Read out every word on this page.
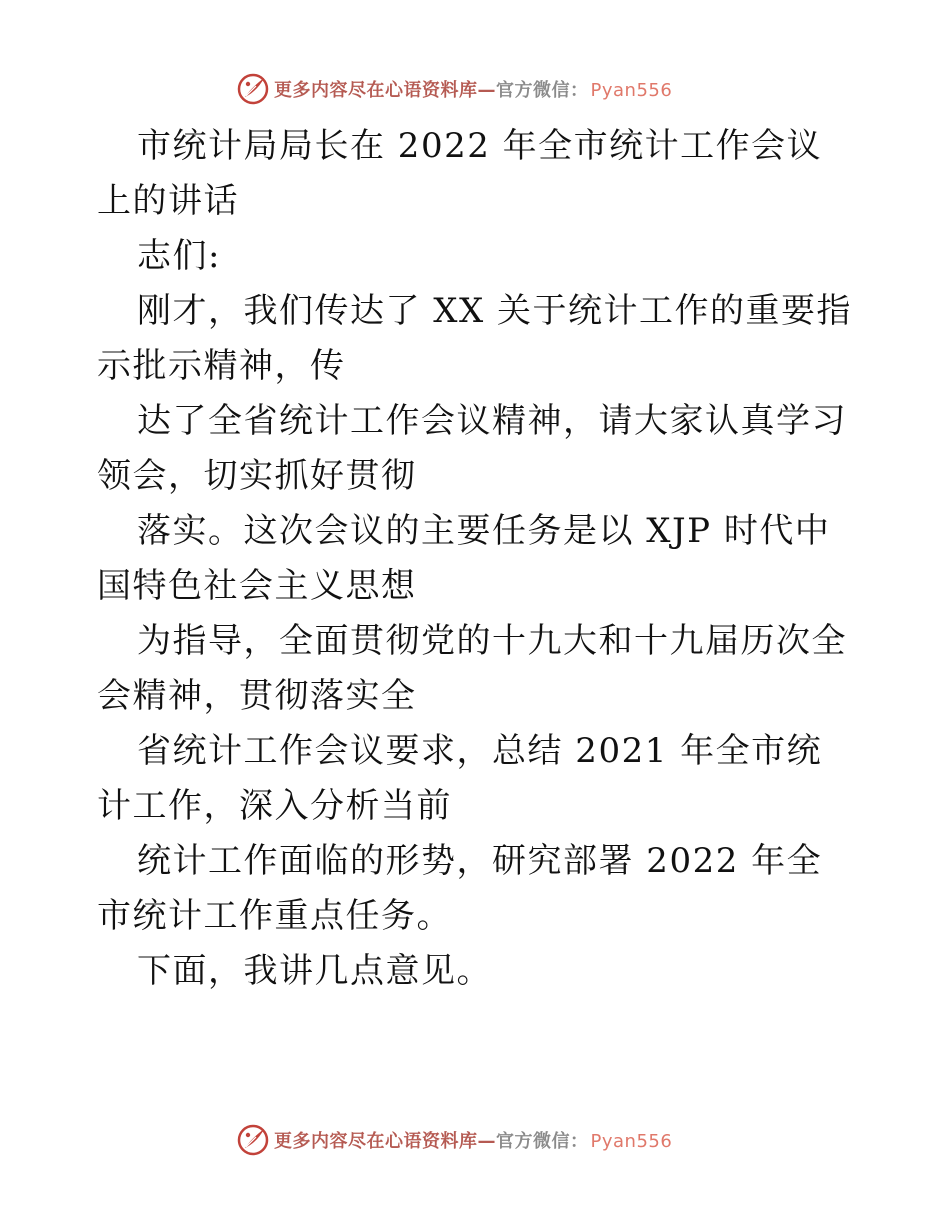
更多内容尽在心语资料库—官方微信： Pyan556

市统计局局长在 2022 年全市统计工作会议上的讲话

志们:

刚才，我们传达了 XX 关于统计工作的重要指示批示精神，传

达了全省统计工作会议精神，请大家认真学习领会，切实抓好贯彻

落实。这次会议的主要任务是以 XJP 时代中国特色社会主义思想

为指导，全面贯彻党的十九大和十九届历次全会精神，贯彻落实全

省统计工作会议要求，总结 2021 年全市统计工作，深入分析当前

统计工作面临的形势，研究部署 2022 年全市统计工作重点任务。

下面，我讲几点意见。

更多内容尽在心语资料库—官方微信： Pyan556
